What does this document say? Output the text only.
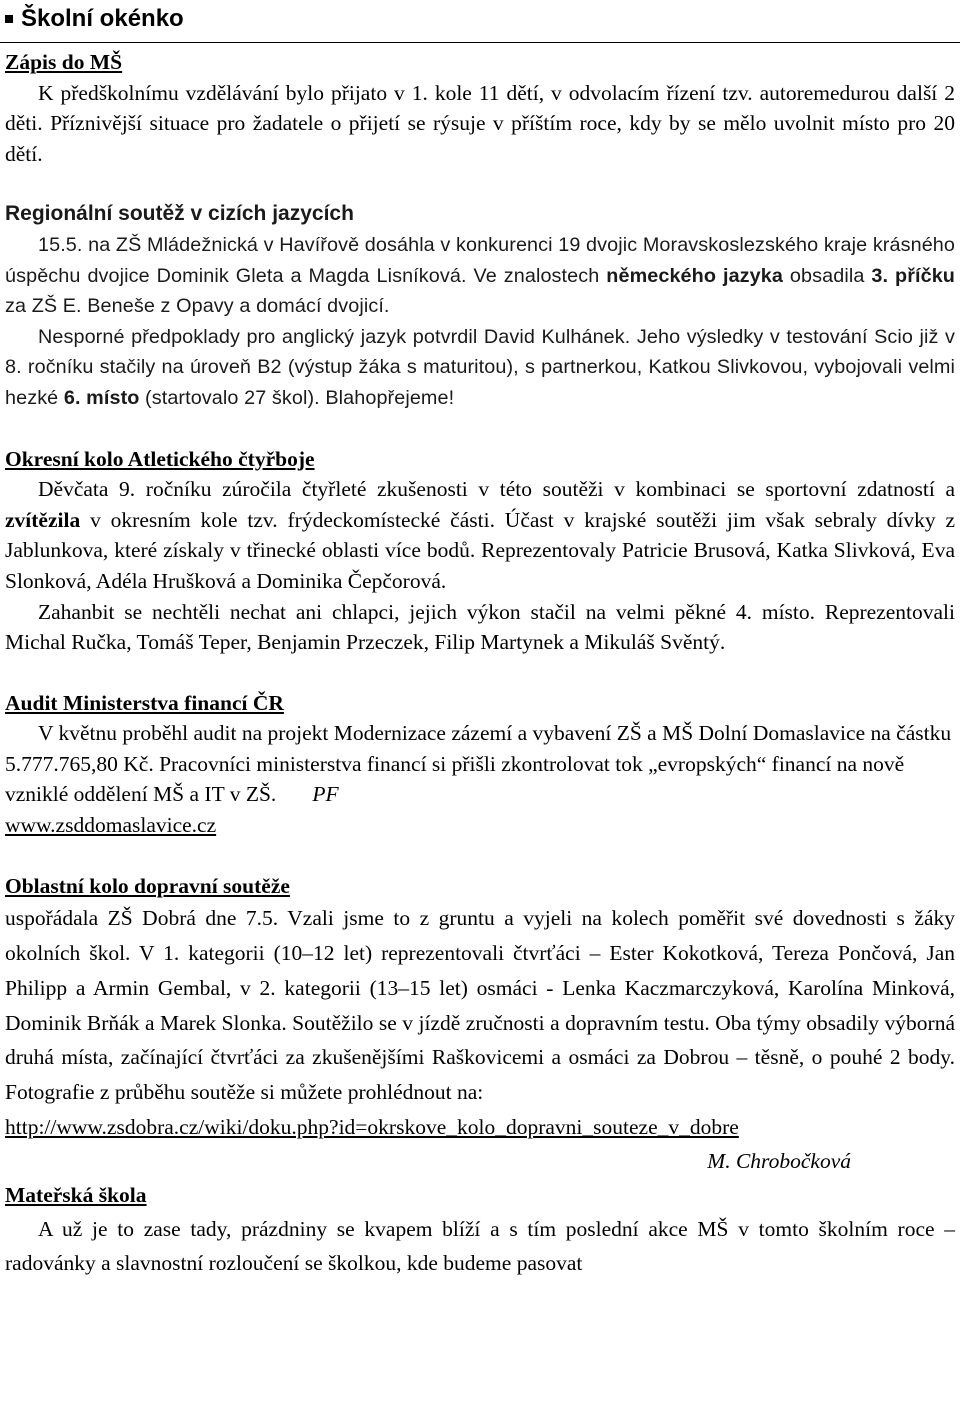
Školní okénko
Zápis do MŠ

K předškolnímu vzdělávání bylo přijato v 1. kole 11 dětí, v odvolacím řízení tzv. autoremedurou další 2 děti. Příznivější situace pro žadatele o přijetí se rýsuje v příštím roce, kdy by se mělo uvolnit místo pro 20 dětí.

Regionální soutěž v cizích jazycích

15.5. na ZŠ Mládežnická v Havířově dosáhla v konkurenci 19 dvojic Moravskoslezského kraje krásného úspěchu dvojice Dominik Gleta a Magda Lisníková. Ve znalostech německého jazyka obsadila 3. příčku za ZŠ E. Beneše z Opavy a domácí dvojicí.

Nesporné předpoklady pro anglický jazyk potvrdil David Kulhánek. Jeho výsledky v testování Scio již v 8. ročníku stačily na úroveň B2 (výstup žáka s maturitou), s partnerkou, Katkou Slivkovou, vybojovali velmi hezké 6. místo (startovalo 27 škol). Blahopřejeme!

Okresní kolo Atletického čtyřboje

Děvčata 9. ročníku zúročila čtyřleté zkušenosti v této soutěži v kombinaci se sportovní zdatností a zvítězila v okresním kole tzv. frýdeckomístecké části. Účast v krajské soutěži jim však sebraly dívky z Jablunkova, které získaly v třinecké oblasti více bodů. Reprezentovaly Patricie Brusová, Katka Slivková, Eva Slonková, Adéla Hrušková a Dominika Čepčorová.

Zahanbit se nechtěli nechat ani chlapci, jejich výkon stačil na velmi pěkné 4. místo. Reprezentovali Michal Ručka, Tomáš Teper, Benjamin Przeczek, Filip Martynek a Mikuláš Svěntý.

Audit Ministerstva financí ČR

V květnu proběhl audit na projekt Modernizace zázemí a vybavení ZŠ a MŠ Dolní Domaslavice na částku 5.777.765,80 Kč. Pracovníci ministerstva financí si přišli zkontrolovat tok „evropských“ financí na nově vzniklé oddělení MŠ a IT v ZŠ. PF

www.zsddomaslavice.cz
Oblastní kolo dopravní soutěže

uspořádala ZŠ Dobrá dne 7.5. Vzali jsme to z gruntu a vyjeli na kolech poměřit své dovednosti s žáky okolních škol. V 1. kategorii (10–12 let) reprezentovali čtvrťáci – Ester Kokotková, Tereza Pončová, Jan Philipp a Armin Gembal, v 2. kategorii (13–15 let) osmáci - Lenka Kaczmarczyková, Karolína Minková, Dominik Brňák a Marek Slonka. Soutěžilo se v jízdě zručnosti a dopravním testu. Oba týmy obsadily výborná druhá místa, začínající čtvrťáci za zkušenějšími Raškovicemi a osmáci za Dobrou – těsně, o pouhé 2 body. Fotografie z průběhu soutěže si můžete prohlédnout na:

http://www.zsdobra.cz/wiki/doku.php?id=okrskove_kolo_dopravni_souteze_v_dobre
M. Chrobočková
Mateřská škola

A už je to zase tady, prázdniny se kvapem blíží a s tím poslední akce MŠ v tomto školním roce – radovánky a slavnostní rozloučení se školkou, kde budeme pasovat
